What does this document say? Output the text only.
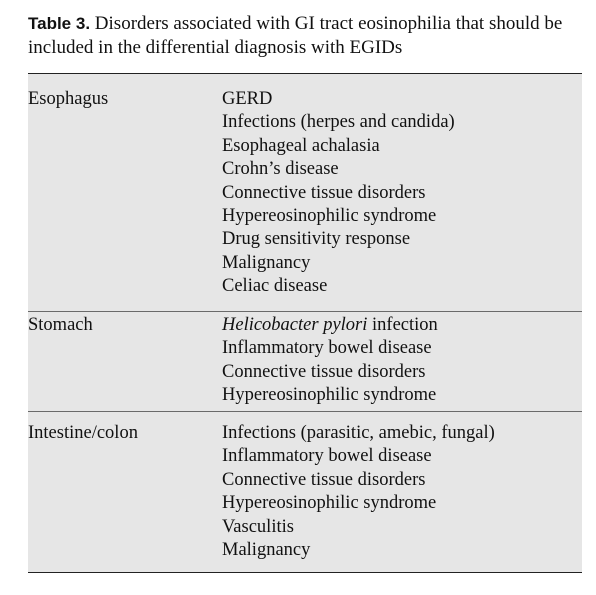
Table 3. Disorders associated with GI tract eosinophilia that should be included in the differential diagnosis with EGIDs
Esophagus	GERD
Infections (herpes and candida)
Esophageal achalasia
Crohn’s disease
Connective tissue disorders
Hypereosinophilic syndrome
Drug sensitivity response
Malignancy
Celiac disease
Stomach	Helicobacter pylori infection
Inflammatory bowel disease
Connective tissue disorders
Hypereosinophilic syndrome
Intestine/colon	Infections (parasitic, amebic, fungal)
Inflammatory bowel disease
Connective tissue disorders
Hypereosinophilic syndrome
Vasculitis
Malignancy
